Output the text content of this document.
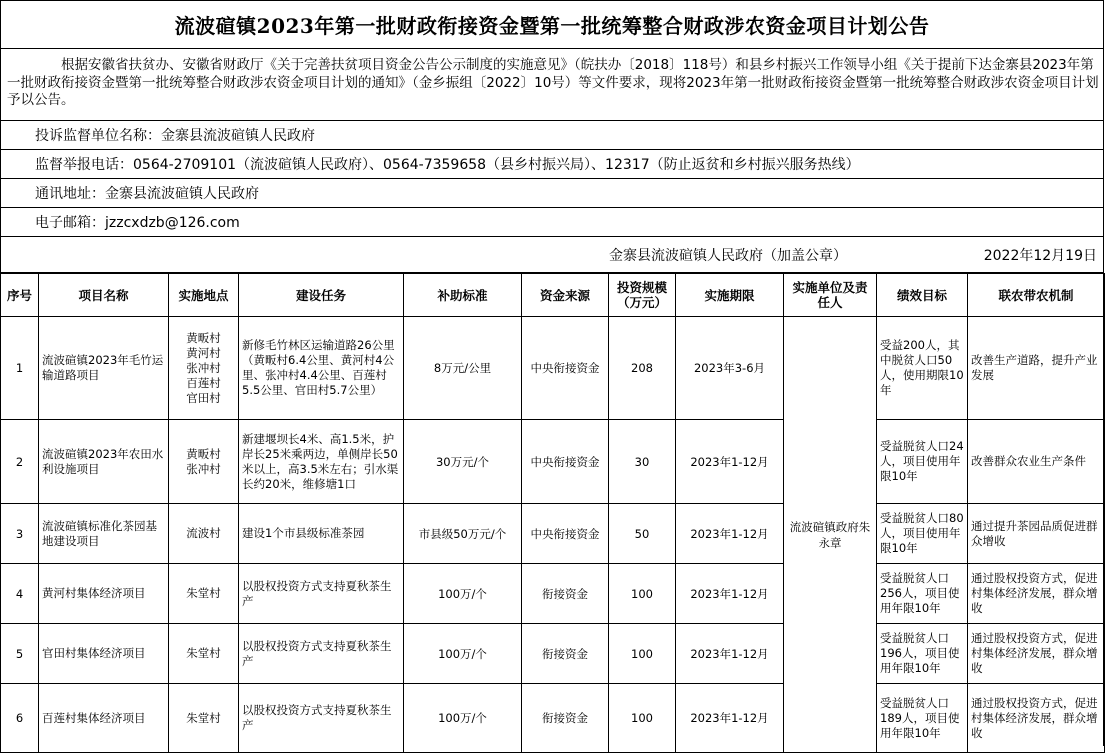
流波碹镇2023年第一批财政衔接资金暨第一批统筹整合财政涉农资金项目计划公告
根据安徽省扶贫办、安徽省财政厅《关于完善扶贫项目资金公告公示制度的实施意见》（皖扶办〔2018〕118号）和县乡村振兴工作领导小组《关于提前下达金寨县2023年第一批财政衔接资金暨第一批统筹整合财政涉农资金项目计划的通知》（金乡振组〔2022〕10号）等文件要求，现将2023年第一批财政衔接资金暨第一批统筹整合财政涉农资金项目计划予以公告。
投诉监督单位名称：金寨县流波碹镇人民政府
监督举报电话：0564-2709101（流波碹镇人民政府）、0564-7359658（县乡村振兴局）、12317（防止返贫和乡村振兴服务热线）
通讯地址：金寨县流波碹镇人民政府
电子邮箱：jzzcxdzb@126.com
金寨县流波碹镇人民政府（加盖公章）	2022年12月19日
序号	项目名称	实施地点	建设任务	补助标准	资金来源	投资规模（万元）	实施期限	实施单位及责任人	绩效目标	联农带农机制
1	流波碹镇2023年毛竹运输道路项目	黄畈村
黄河村
张冲村
百莲村
官田村	新修毛竹林区运输道路26公里（黄畈村6.4公里、黄河村4公里、张冲村4.4公里、百莲村5.5公里、官田村5.7公里）	8万元/公里	中央衔接资金	208	2023年3-6月	流波碹镇政府朱永章	受益200人，其中脱贫人口50人，使用期限10年	改善生产道路，提升产业发展
2	流波碹镇2023年农田水利设施项目	黄畈村
张冲村	新建堰坝长4米、高1.5米，护岸长25米乘两边，单侧岸长50米以上，高3.5米左右；引水渠长约20米，维修塘1口	30万元/个	中央衔接资金	30	2023年1-12月		受益脱贫人口24人，项目使用年限10年	改善群众农业生产条件
3	流波碹镇标准化茶园基地建设项目	流波村	建设1个市县级标准茶园	市县级50万元/个	中央衔接资金	50	2023年1-12月		受益脱贫人口80人，项目使用年限10年	通过提升茶园品质促进群众增收
4	黄河村集体经济项目	朱堂村	以股权投资方式支持夏秋茶生产	100万/个	衔接资金	100	2023年1-12月		受益脱贫人口256人，项目使用年限10年	通过股权投资方式，促进村集体经济发展，群众增收
5	官田村集体经济项目	朱堂村	以股权投资方式支持夏秋茶生产	100万/个	衔接资金	100	2023年1-12月		受益脱贫人口196人，项目使用年限10年	通过股权投资方式，促进村集体经济发展，群众增收
6	百莲村集体经济项目	朱堂村	以股权投资方式支持夏秋茶生产	100万/个	衔接资金	100	2023年1-12月		受益脱贫人口189人，项目使用年限10年	通过股权投资方式，促进村集体经济发展，群众增收
